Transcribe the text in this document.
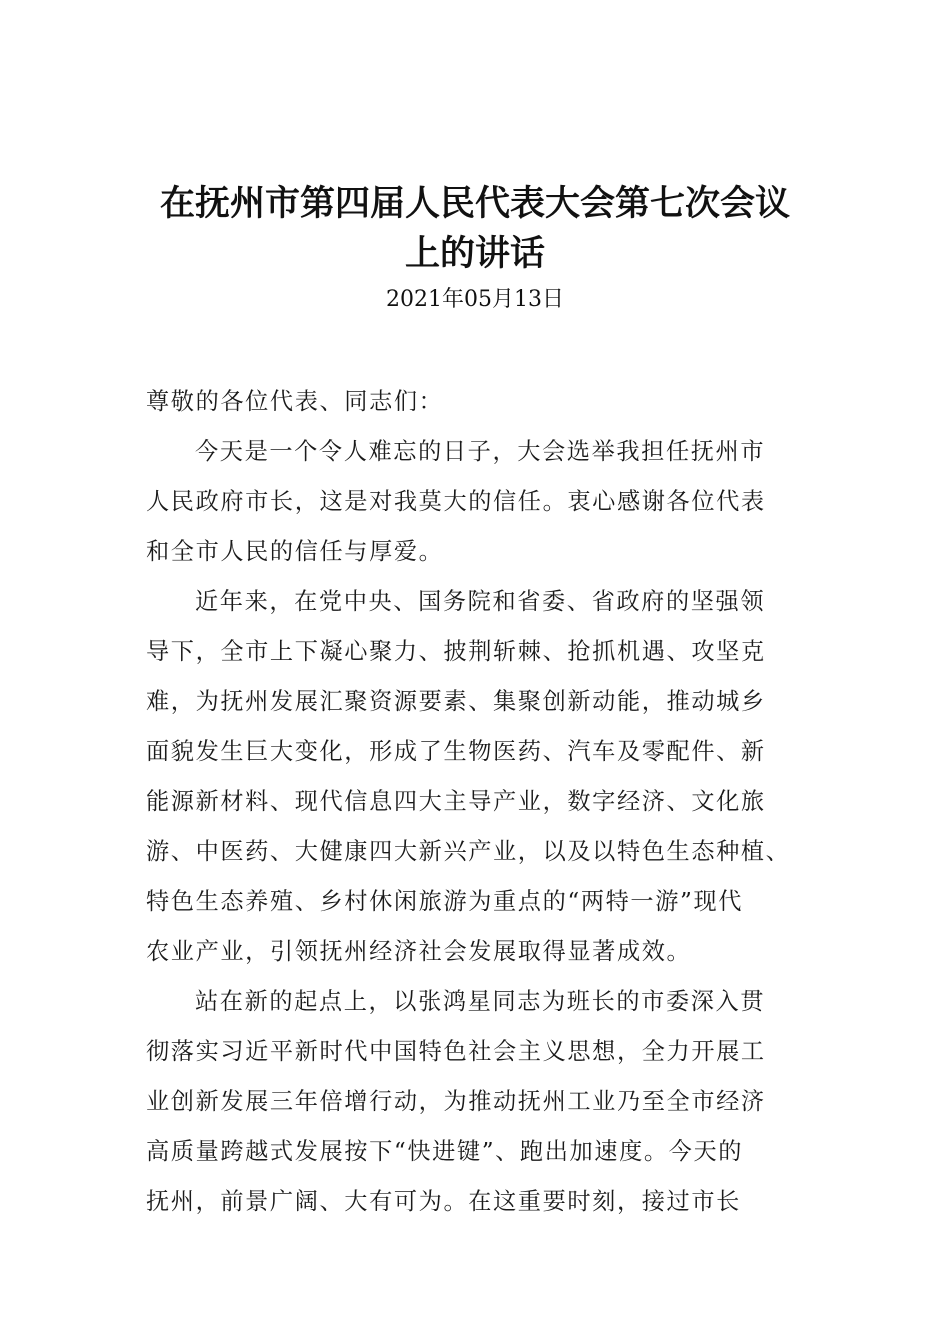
在抚州市第四届人民代表大会第七次会议
上的讲话
2021年05月13日

尊敬的各位代表、同志们：

今天是一个令人难忘的日子，大会选举我担任抚州市

人民政府市长，这是对我莫大的信任。衷心感谢各位代表

和全市人民的信任与厚爱。

近年来，在党中央、国务院和省委、省政府的坚强领

导下，全市上下凝心聚力、披荆斩棘、抢抓机遇、攻坚克

难，为抚州发展汇聚资源要素、集聚创新动能，推动城乡

面貌发生巨大变化，形成了生物医药、汽车及零配件、新

能源新材料、现代信息四大主导产业，数字经济、文化旅

游、中医药、大健康四大新兴产业，以及以特色生态种植、

特色生态养殖、乡村休闲旅游为重点的“两特一游”现代

农业产业，引领抚州经济社会发展取得显著成效。

站在新的起点上，以张鸿星同志为班长的市委深入贯

彻落实习近平新时代中国特色社会主义思想，全力开展工

业创新发展三年倍增行动，为推动抚州工业乃至全市经济

高质量跨越式发展按下“快进键”、跑出加速度。今天的

抚州，前景广阔、大有可为。在这重要时刻，接过市长
